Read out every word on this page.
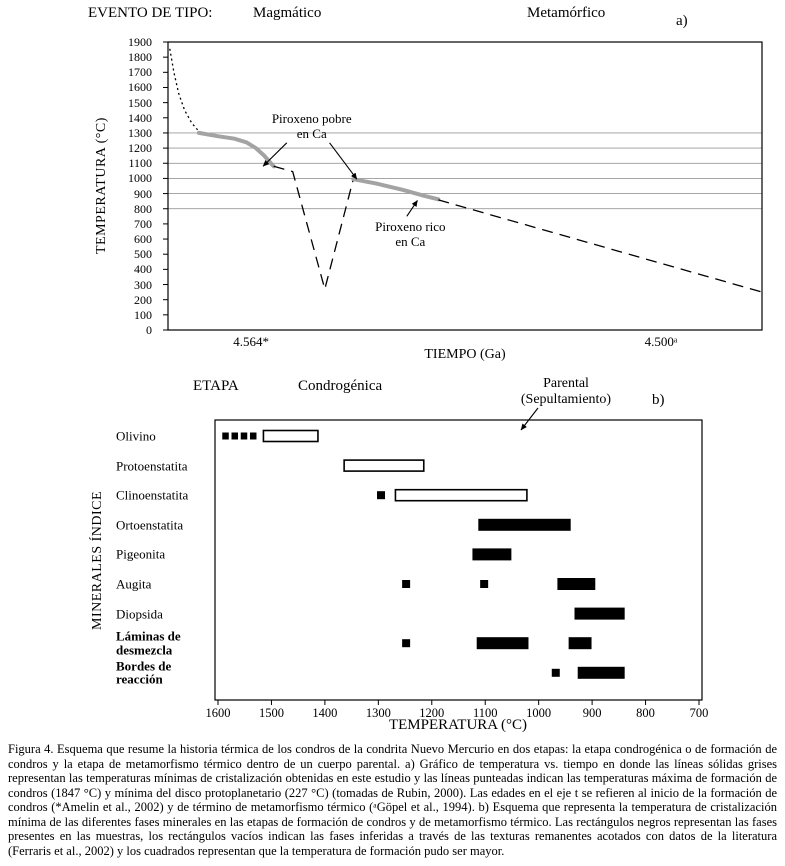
EVENTO DE TIPO:	Magmático	Metamórfico	a)
TEMPERATURA (°C)
TIEMPO (Ga)
ETAPA	Condrogénica	Parental
(Sepultamiento)	b)
MINERALES ÍNDICE
TEMPERATURA (°C)

Figura 4. Esquema que resume la historia térmica de los condros de la condrita Nuevo Mercurio en dos etapas: la etapa condrogénica o de formación de condros y la etapa de metamorfismo térmico dentro de un cuerpo parental. a) Gráfico de temperatura vs. tiempo en donde las líneas sólidas grises representan las temperaturas mínimas de cristalización obtenidas en este estudio y las líneas punteadas indican las temperaturas máxima de formación de condros (1847 °C) y mínima del disco protoplanetario (227 °C) (tomadas de Rubin, 2000). Las edades en el eje t se refieren al inicio de la formación de condros (*Amelin et al., 2002) y de término de metamorfismo térmico (ᵃGöpel et al., 1994). b) Esquema que representa la temperatura de cristalización mínima de las diferentes fases minerales en las etapas de formación de condros y de metamorfismo térmico. Las rectángulos negros representan las fases presentes en las muestras, los rectángulos vacíos indican las fases inferidas a través de las texturas remanentes acotados con datos de la literatura (Ferraris et al., 2002) y los cuadrados representan que la temperatura de formación pudo ser mayor.

0
100
200
300
400
500
600
700
800
900
1000
1100
1200
1300
1400
1500
1600
1700
1800
1900
Piroxeno pobre en Ca
Piroxeno rico en Ca
4.564*	4.500ᵃ
1600	1500	1400	1300	1200	1100	1000	900	800	700
Olivino
Protoenstatita
Clinoenstatita
Ortoenstatita
Pigeonita
Augita
Diopsida
Láminas de desmezcla
Bordes de reacción
